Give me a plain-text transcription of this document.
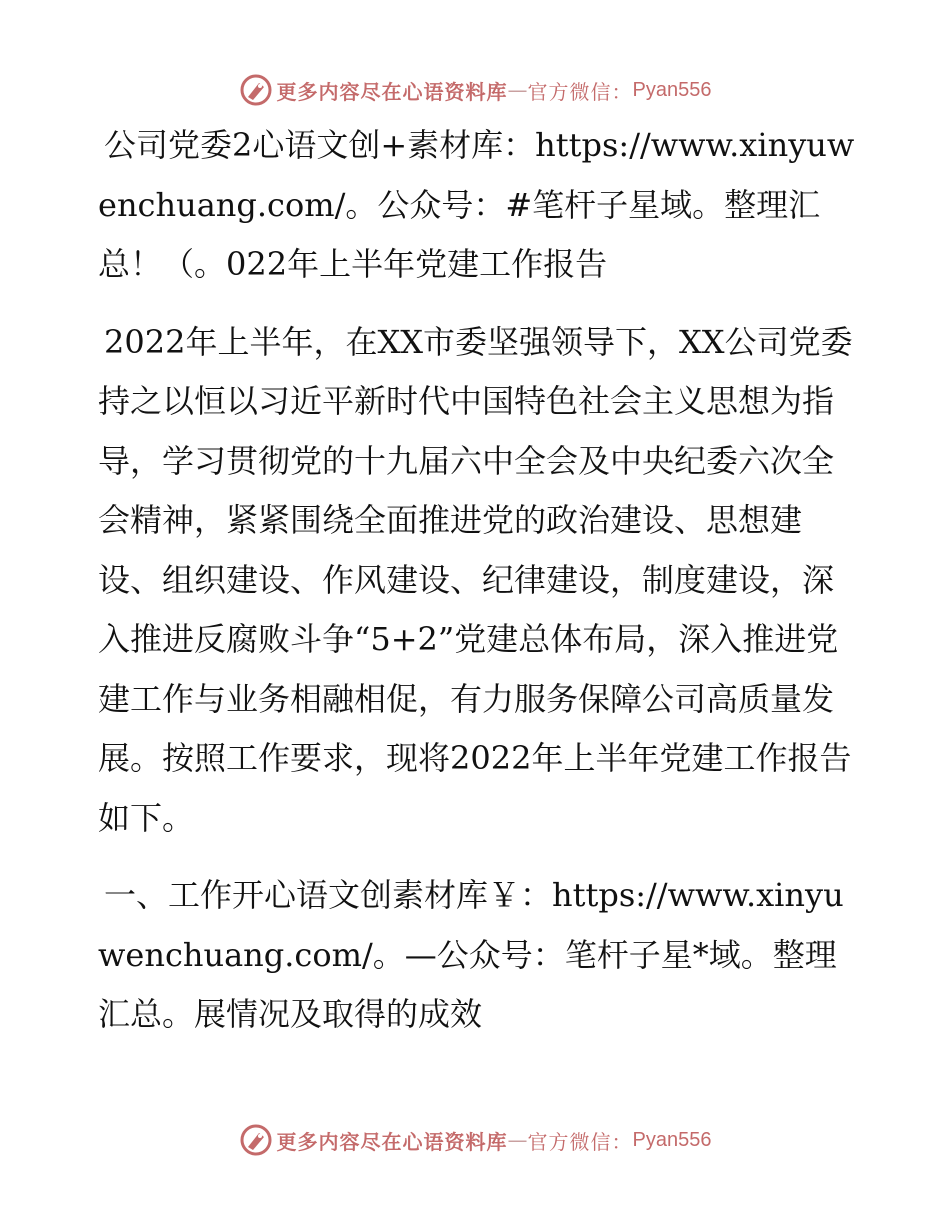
更多内容尽在心语资料库 — 官方微信： Pyan556

公司党委2心语文创+素材库：https://www.xinyuwenchuang.com/。公众号：#笔杆子星域。整理汇总！（。022年上半年党建工作报告

2022年上半年，在XX市委坚强领导下，XX公司党委持之以恒以习近平新时代中国特色社会主义思想为指导，学习贯彻党的十九届六中全会及中央纪委六次全会精神，紧紧围绕全面推进党的政治建设、思想建设、组织建设、作风建设、纪律建设，制度建设，深入推进反腐败斗争“5+2”党建总体布局，深入推进党建工作与业务相融相促，有力服务保障公司高质量发展。按照工作要求，现将2022年上半年党建工作报告如下。

一、工作开心语文创素材库￥：https://www.xinyuwenchuang.com/。—公众号：笔杆子星*域。整理汇总。展情况及取得的成效

更多内容尽在心语资料库 — 官方微信： Pyan556
